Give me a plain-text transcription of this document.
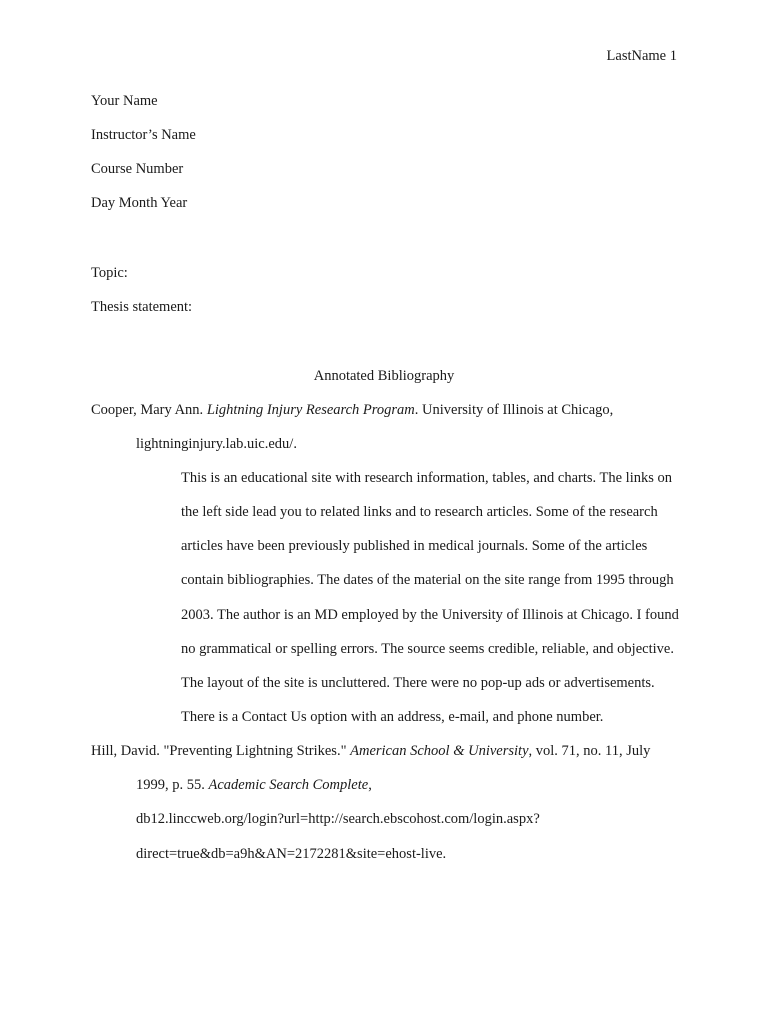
LastName 1
Your Name
Instructor’s Name
Course Number
Day Month Year
Topic:
Thesis statement:
Annotated Bibliography
Cooper, Mary Ann. Lightning Injury Research Program. University of Illinois at Chicago,
lightninginjury.lab.uic.edu/.
This is an educational site with research information, tables, and charts. The links on
the left side lead you to related links and to research articles. Some of the research
articles have been previously published in medical journals. Some of the articles
contain bibliographies. The dates of the material on the site range from 1995 through
2003. The author is an MD employed by the University of Illinois at Chicago. I found
no grammatical or spelling errors. The source seems credible, reliable, and objective.
The layout of the site is uncluttered. There were no pop-up ads or advertisements.
There is a Contact Us option with an address, e-mail, and phone number.
Hill, David. "Preventing Lightning Strikes." American School & University, vol. 71, no. 11, July
1999, p. 55. Academic Search Complete,
db12.linccweb.org/login?url=http://search.ebscohost.com/login.aspx?
direct=true&db=a9h&AN=2172281&site=ehost-live.
